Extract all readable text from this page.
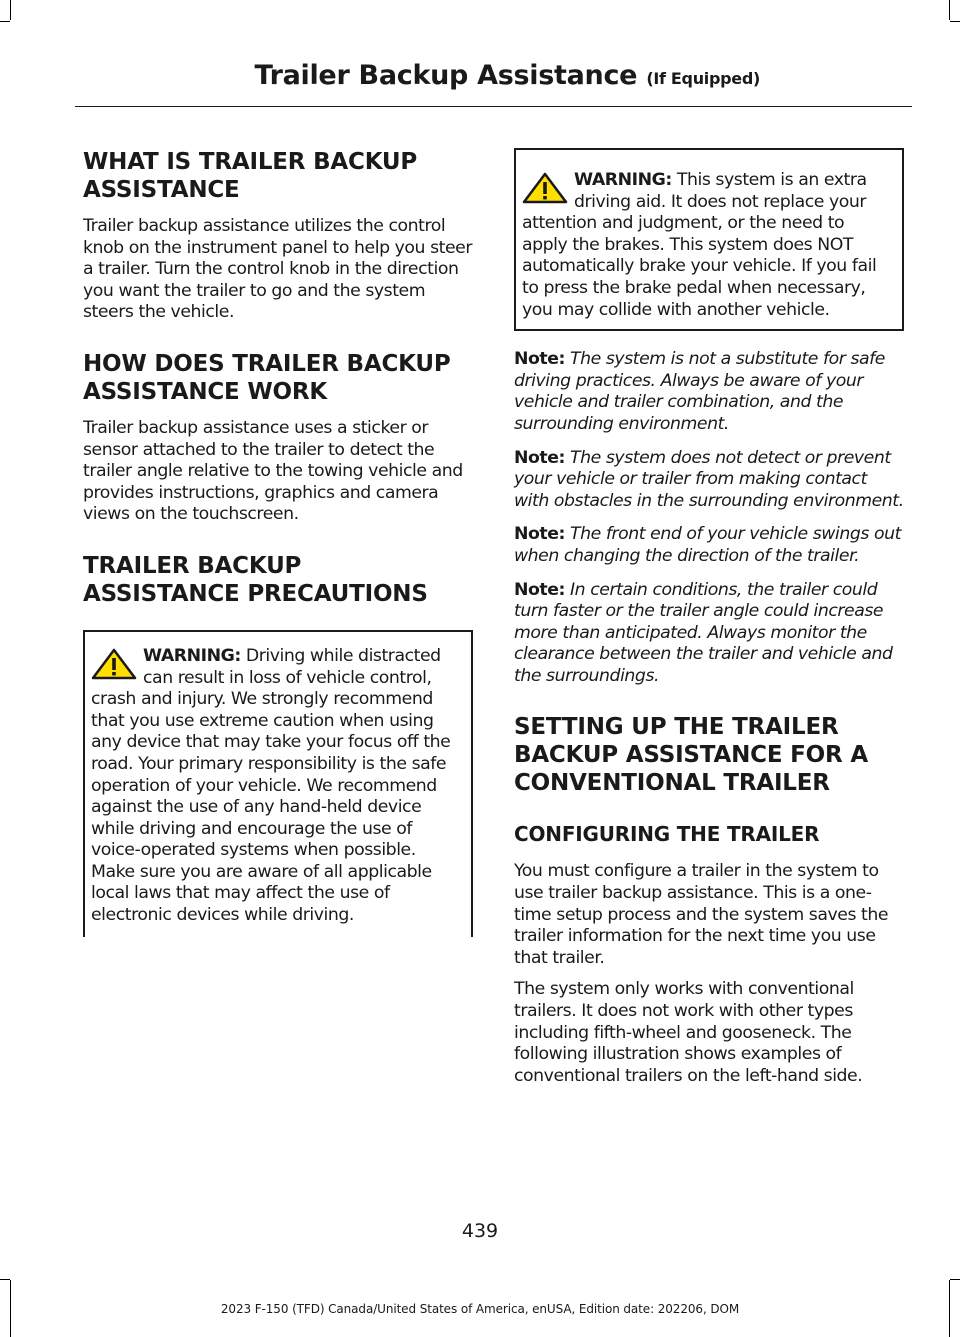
Trailer Backup Assistance (If Equipped)
WHAT IS TRAILER BACKUP
ASSISTANCE

Trailer backup assistance utilizes the control knob on the instrument panel to help you steer a trailer. Turn the control knob in the direction you want the trailer to go and the system steers the vehicle.

HOW DOES TRAILER BACKUP
ASSISTANCE WORK

Trailer backup assistance uses a sticker or sensor attached to the trailer to detect the trailer angle relative to the towing vehicle and provides instructions, graphics and camera views on the touchscreen.

TRAILER BACKUP
ASSISTANCE PRECAUTIONS
WARNING: Driving while distracted can result in loss of vehicle control, crash and injury. We strongly recommend that you use extreme caution when using any device that may take your focus off the road. Your primary responsibility is the safe operation of your vehicle. We recommend against the use of any hand-held device while driving and encourage the use of voice-operated systems when possible. Make sure you are aware of all applicable local laws that may affect the use of electronic devices while driving.
WARNING: This system is an extra driving aid. It does not replace your attention and judgment, or the need to apply the brakes. This system does NOT automatically brake your vehicle. If you fail to press the brake pedal when necessary, you may collide with another vehicle.
Note: The system is not a substitute for safe driving practices. Always be aware of your vehicle and trailer combination, and the surrounding environment.
Note: The system does not detect or prevent your vehicle or trailer from making contact with obstacles in the surrounding environment.
Note: The front end of your vehicle swings out when changing the direction of the trailer.
Note: In certain conditions, the trailer could turn faster or the trailer angle could increase more than anticipated. Always monitor the clearance between the trailer and vehicle and the surroundings.
SETTING UP THE TRAILER
BACKUP ASSISTANCE FOR A
CONVENTIONAL TRAILER
CONFIGURING THE TRAILER

You must configure a trailer in the system to use trailer backup assistance. This is a one-time setup process and the system saves the trailer information for the next time you use that trailer.

The system only works with conventional trailers. It does not work with other types including fifth-wheel and gooseneck. The following illustration shows examples of conventional trailers on the left-hand side.

439
2023 F-150 (TFD) Canada/United States of America, enUSA, Edition date: 202206, DOM
